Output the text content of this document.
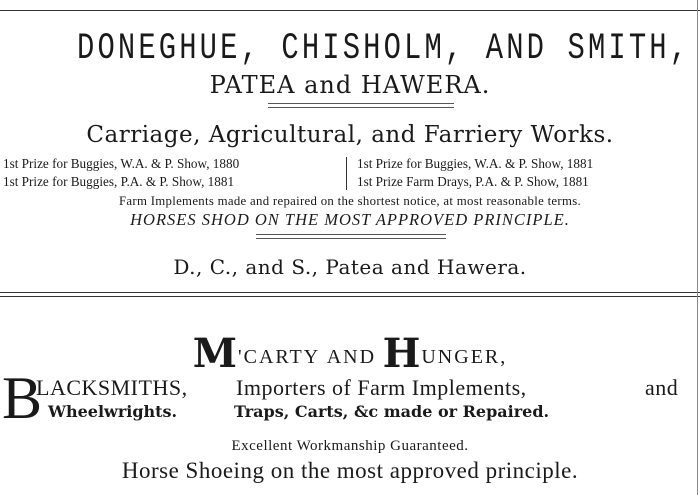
DONEGHUE, CHISHOLM, AND SMITH,
PATEA and HAWERA.
Carriage, Agricultural, and Farriery Works.
1st Prize for Buggies, W.A. & P. Show, 1880
1st Prize for Buggies, P.A. & P. Show, 1881
1st Prize for Buggies, W.A. & P. Show, 1881
1st Prize Farm Drays, P.A. & P. Show, 1881
Farm Implements made and repaired on the shortest notice, at most reasonable terms.
HORSES SHOD ON THE MOST APPROVED PRINCIPLE.
D., C., and S., Patea and Hawera.
M'CARTY AND HUNGER,
B
LACKSMITHS, Importers of Farm Implements,	and
Wheelwrights.	Traps, Carts, &c made or Repaired.
Excellent Workmanship Guaranteed.
Horse Shoeing on the most approved principle.
